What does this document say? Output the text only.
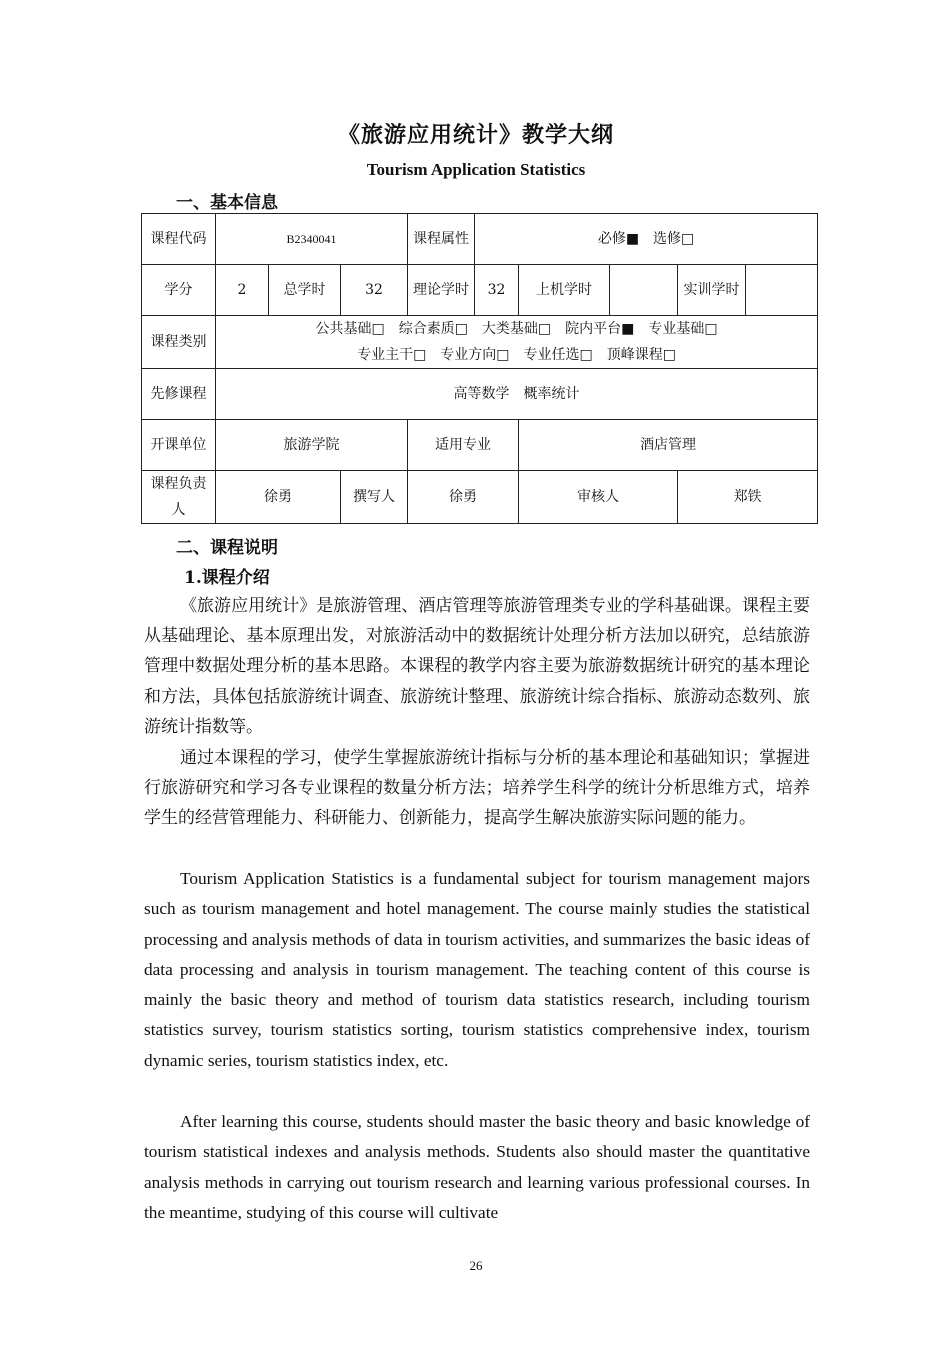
《旅游应用统计》教学大纲
Tourism Application Statistics
一、基本信息
课程代码	B2340041			课程属性	必修■　选修□				
学分	2	总学时	32	理论学时	32	上机学时		实训学时	
课程类别	公共基础□　综合素质□　大类基础□　院内平台■　专业基础□
专业主干□　专业方向□　专业任选□　顶峰课程□								

先修课程	高等数学　概率统计								
开课单位	旅游学院			适用专业		酒店管理			
课程负责人	徐勇		撰写人	徐勇		审核人		郑铁	
二、课程说明
1.课程介绍

《旅游应用统计》是旅游管理、酒店管理等旅游管理类专业的学科基础课。课程主要从基础理论、基本原理出发，对旅游活动中的数据统计处理分析方法加以研究，总结旅游管理中数据处理分析的基本思路。本课程的教学内容主要为旅游数据统计研究的基本理论和方法，具体包括旅游统计调查、旅游统计整理、旅游统计综合指标、旅游动态数列、旅游统计指数等。

通过本课程的学习，使学生掌握旅游统计指标与分析的基本理论和基础知识；掌握进行旅游研究和学习各专业课程的数量分析方法；培养学生科学的统计分析思维方式，培养学生的经营管理能力、科研能力、创新能力，提高学生解决旅游实际问题的能力。

Tourism Application Statistics is a fundamental subject for tourism management majors such as tourism management and hotel management. The course mainly studies the statistical processing and analysis methods of data in tourism activities, and summarizes the basic ideas of data processing and analysis in tourism management. The teaching content of this course is mainly the basic theory and method of tourism data statistics research, including tourism statistics survey, tourism statistics sorting, tourism statistics comprehensive index, tourism dynamic series, tourism statistics index, etc.

After learning this course, students should master the basic theory and basic knowledge of tourism statistical indexes and analysis methods. Students also should master the quantitative analysis methods in carrying out tourism research and learning various professional courses. In the meantime, studying of this course will cultivate

26
